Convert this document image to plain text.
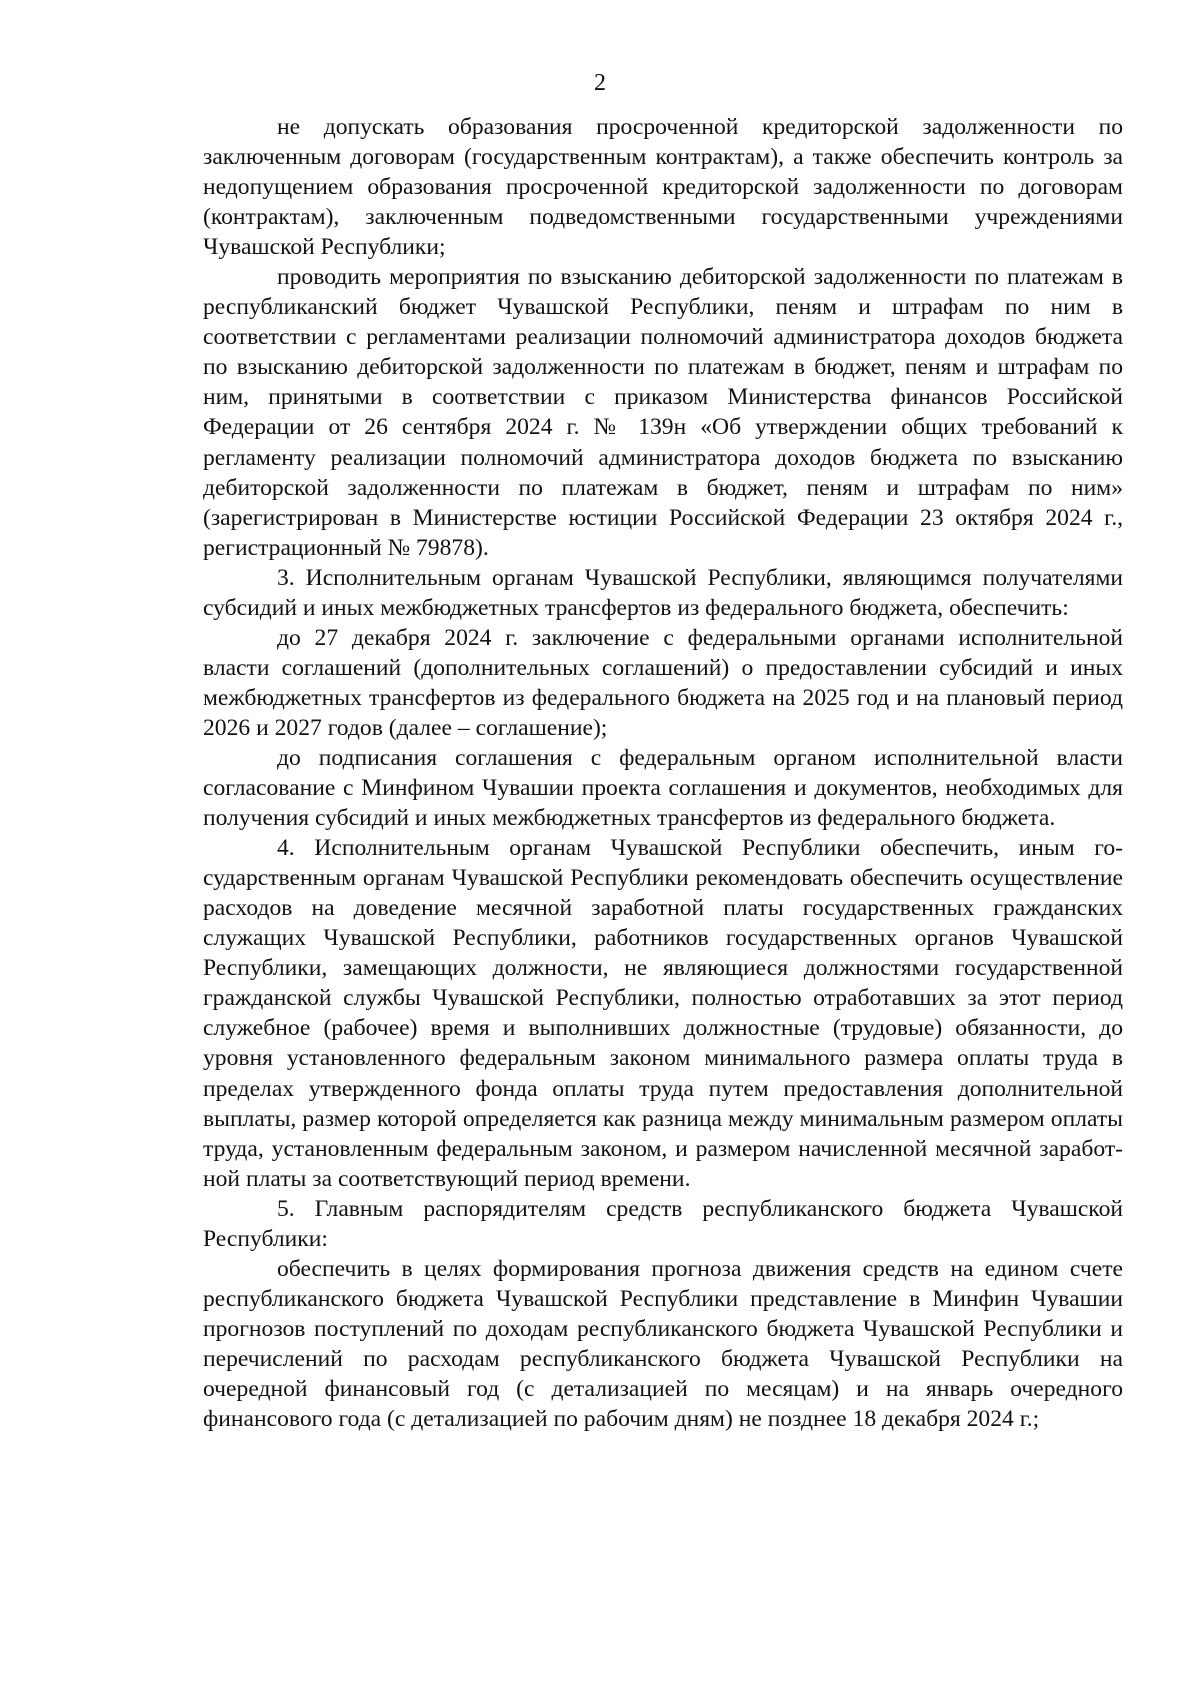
2

не допускать образования просроченной кредиторской задолженности по заключенным договорам (государственным контрактам), а также обеспечить контроль за недопущением образования просроченной кредиторской задолженности по договорам (контрактам), заключенным подведомственными государственными учреждениями Чувашской Республики;

проводить мероприятия по взысканию дебиторской задолженности по платежам в республиканский бюджет Чувашской Республики, пеням и штрафам по ним в соответствии с регламентами реализации полномочий администратора доходов бюджета по взысканию дебиторской задолженности по платежам в бюджет, пеням и штрафам по ним, принятыми в соответствии с приказом Министерства финансов Российской Федерации от 26 сентября 2024 г. № 139н «Об утверждении общих требований к регламенту реализации полномочий администратора доходов бюджета по взысканию дебиторской задолженности по платежам в бюджет, пеням и штрафам по ним» (зарегистрирован в Министерстве юстиции Российской Федерации 23 октября 2024 г., регистрационный № 79878).

3. Исполнительным органам Чувашской Республики, являющимся получателями субсидий и иных межбюджетных трансфертов из федерального бюджета, обеспечить:

до 27 декабря 2024 г. заключение с федеральными органами исполнительной власти соглашений (дополнительных соглашений) о предоставлении субсидий и иных межбюджетных трансфертов из федерального бюджета на 2025 год и на плановый период 2026 и 2027 годов (далее – соглашение);

до подписания соглашения с федеральным органом исполнительной власти согласование с Минфином Чувашии проекта соглашения и документов, необходимых для получения субсидий и иных межбюджетных трансфертов из федерального бюджета.

4. Исполнительным органам Чувашской Республики обеспечить, иным государственным органам Чувашской Республики рекомендовать обеспечить осуществление расходов на доведение месячной заработной платы государственных гражданских служащих Чувашской Республики, работников государственных органов Чувашской Республики, замещающих должности, не являющиеся должностями государственной гражданской службы Чувашской Республики, полностью отработавших за этот период служебное (рабочее) время и выполнивших должностные (трудовые) обязанности, до уровня установленного федеральным законом минимального размера оплаты труда в пределах утвержденного фонда оплаты труда путем предоставления дополнительной выплаты, размер которой определяется как разница между минимальным размером оплаты труда, установленным федеральным законом, и размером начисленной месячной заработной платы за соответствующий период времени.

5. Главным распорядителям средств республиканского бюджета Чувашской Республики:

обеспечить в целях формирования прогноза движения средств на едином счете республиканского бюджета Чувашской Республики представление в Минфин Чувашии прогнозов поступлений по доходам республиканского бюджета Чувашской Республики и перечислений по расходам республиканского бюджета Чувашской Республики на очередной финансовый год (с детализацией по месяцам) и на январь очередного финансового года (с детализацией по рабочим дням) не позднее 18 декабря 2024 г.;
